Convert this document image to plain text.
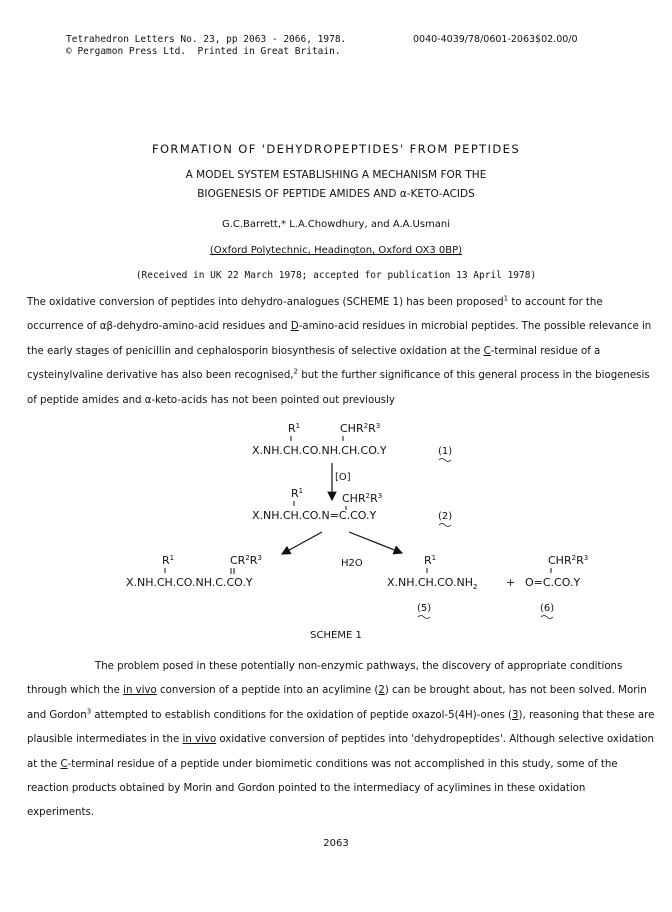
Tetrahedron Letters No. 23, pp 2063 - 2066, 1978.
© Pergamon Press Ltd.  Printed in Great Britain.
0040-4039/78/0601-2063$02.00/0
FORMATION OF 'DEHYDROPEPTIDES' FROM PEPTIDES
A MODEL SYSTEM ESTABLISHING A MECHANISM FOR THE
BIOGENESIS OF PEPTIDE AMIDES AND α-KETO-ACIDS
G.C.Barrett,* L.A.Chowdhury, and A.A.Usmani
(Oxford Polytechnic, Headington, Oxford OX3 0BP)
(Received in UK 22 March 1978; accepted for publication 13 April 1978)
The oxidative conversion of peptides into dehydro-analogues (SCHEME 1) has been proposed$^1$ to account for the occurrence of αβ-dehydro-amino-acid residues and D-amino-acid residues in microbial peptides. The possible relevance in the early stages of penicillin and cephalosporin biosynthesis of selective oxidation at the C-terminal residue of a cysteinylvaline derivative has also been recognised,$^2$ but the further significance of this general process in the biogenesis of peptide amides and α-keto-acids has not been pointed out previously
$R^1$	$CHR^2R^3$
X.NH.CH.CO.NH.CH.CO.Y	(1)
[O]
$R^1$
$CHR^2R^3$
X.NH.CH.CO.N=C.CO.Y	(2)
H2O
$R^1$	$CR^2R^3$
X.NH.CH.CO.NH.C.CO.Y
$R^1$
$X.NH.CH.CO.NH_2$	+
(5)
$CHR^2R^3$
O=C.CO.Y
(6)
SCHEME 1
The problem posed in these potentially non-enzymic pathways, the discovery of appropriate conditions through which the in vivo conversion of a peptide into an acylimine (2) can be brought about, has not been solved. Morin and Gordon$^3$ attempted to establish conditions for the oxidation of peptide oxazol-5(4H)-ones (3), reasoning that these are plausible intermediates in the in vivo oxidative conversion of peptides into 'dehydropeptides'. Although selective oxidation at the C-terminal residue of a peptide under biomimetic conditions was not accomplished in this study, some of the reaction products obtained by Morin and Gordon pointed to the intermediacy of acylimines in these oxidation experiments.
2063
